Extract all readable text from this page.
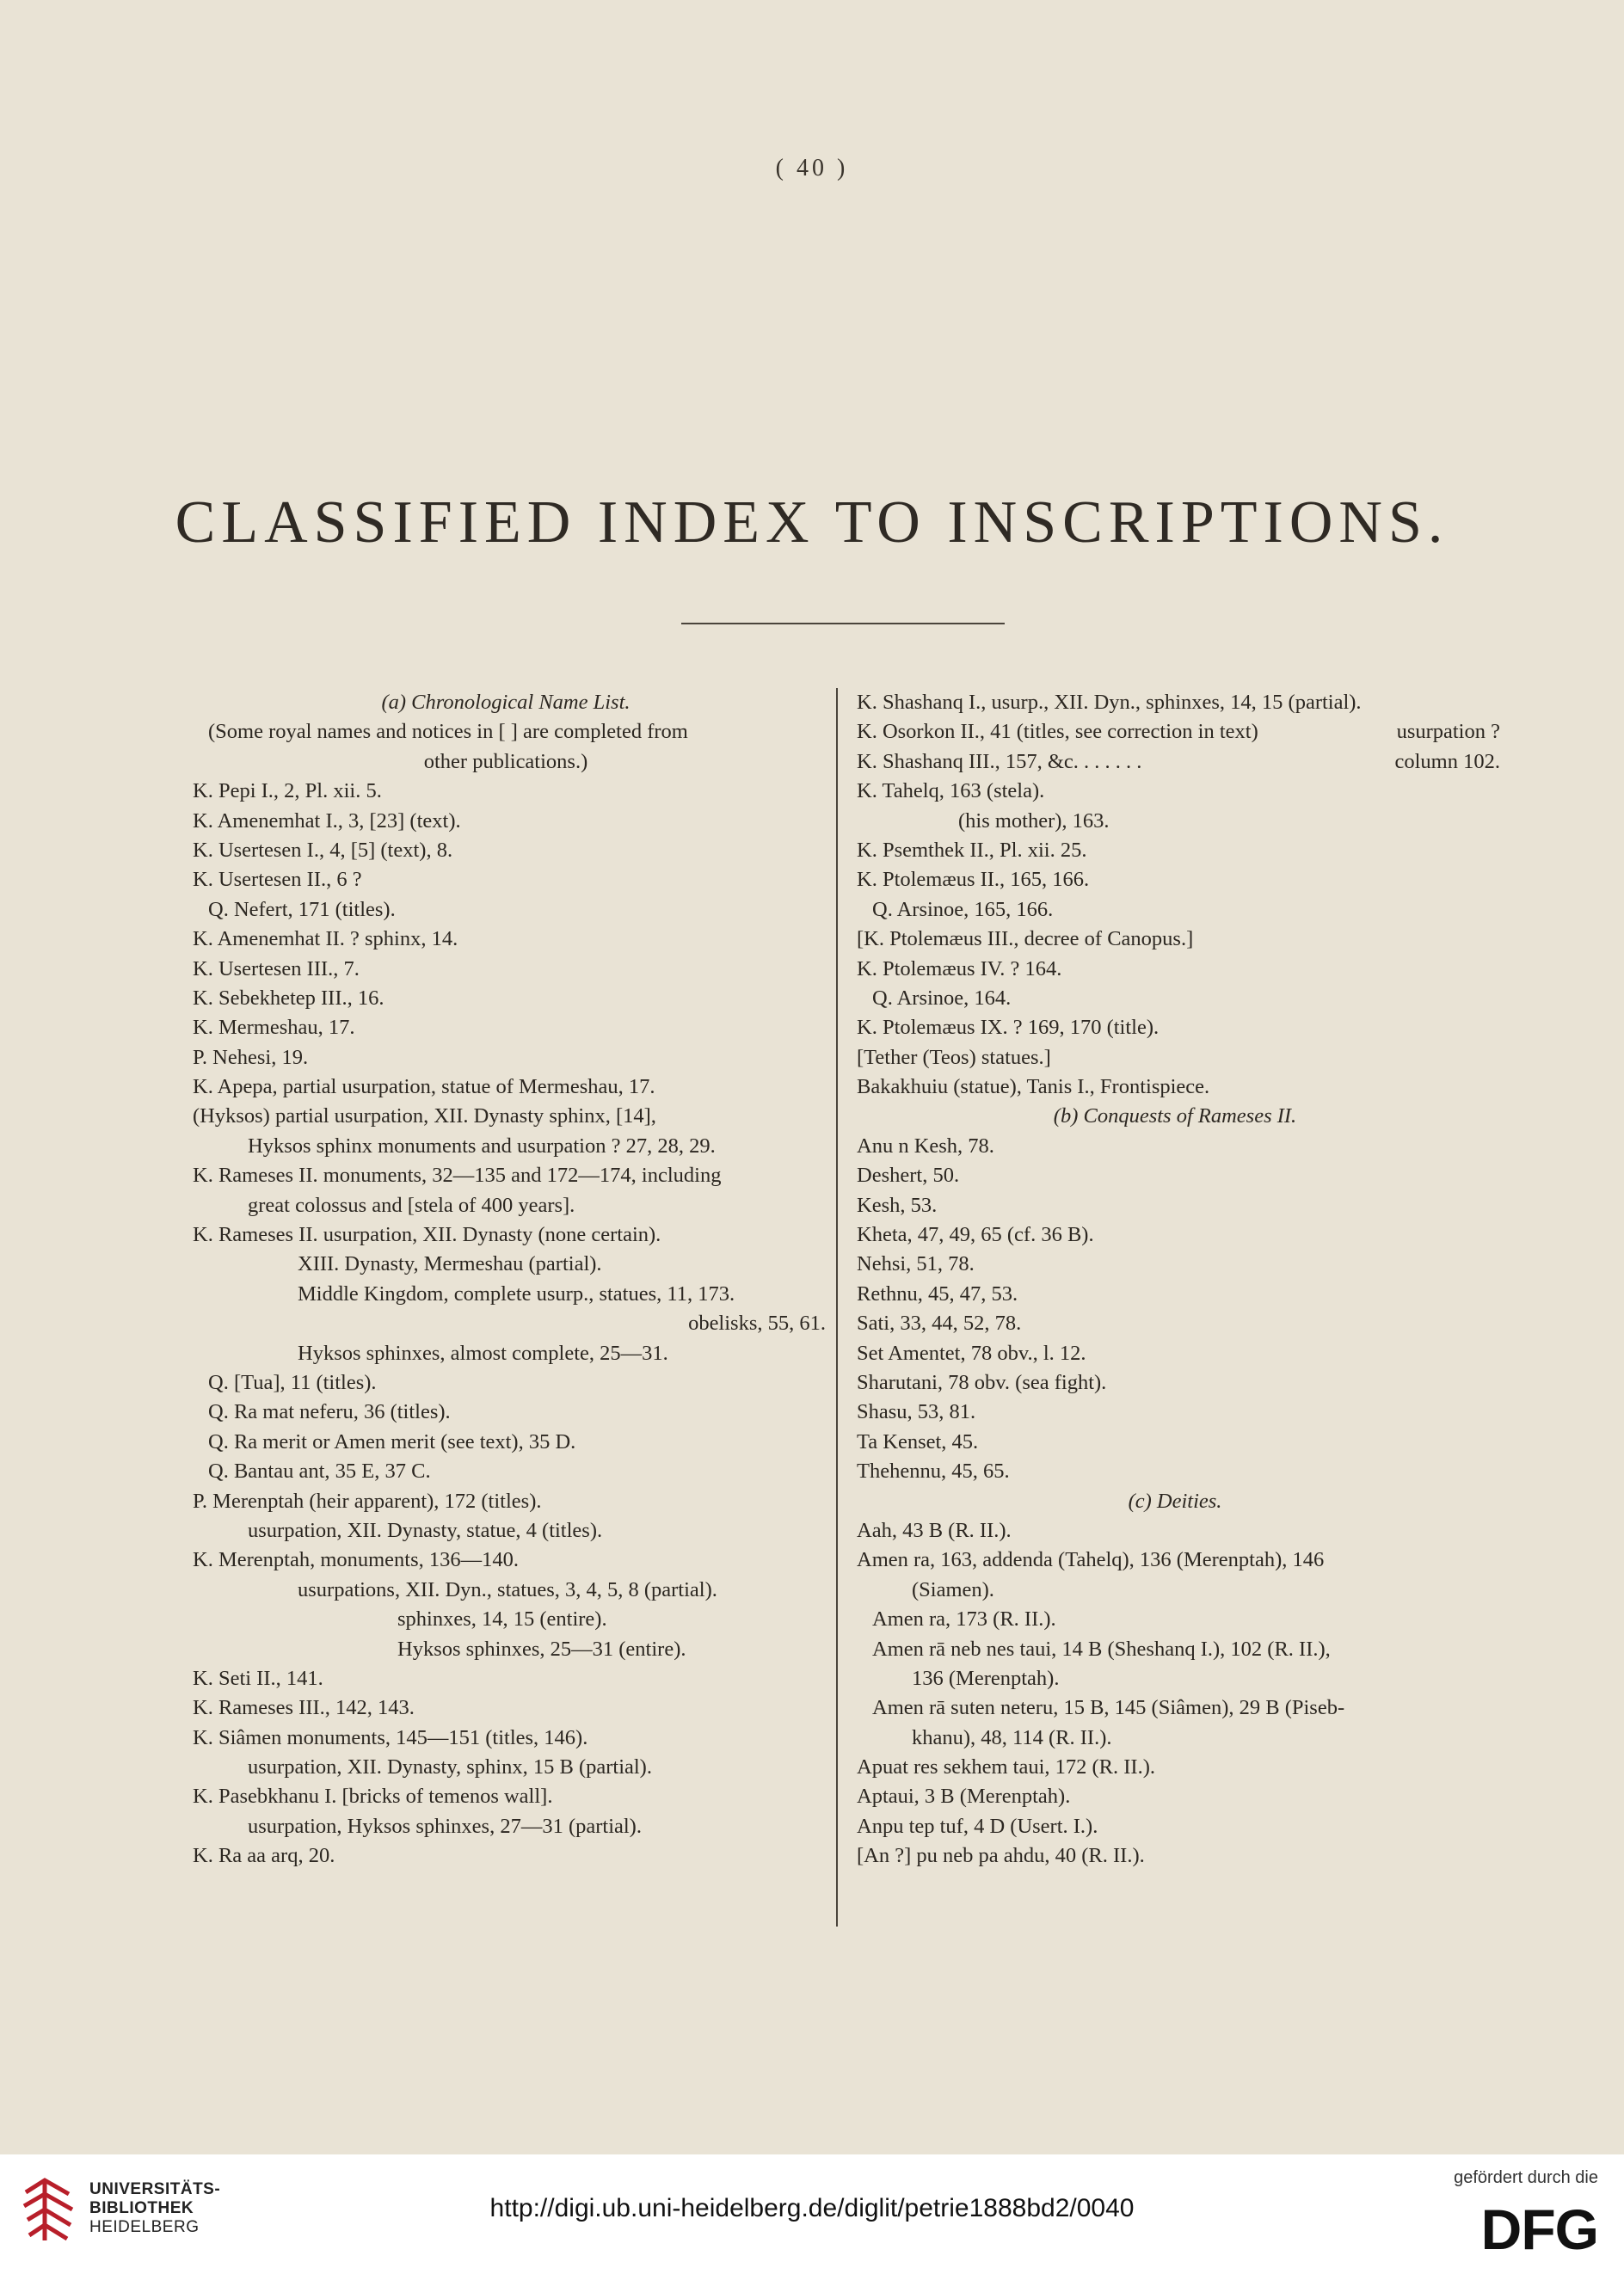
( 40 )
CLASSIFIED INDEX TO INSCRIPTIONS.
(a) Chronological Name List.
(Some royal names and notices in [ ] are completed from
other publications.)
K. Pepi I., 2, Pl. xii. 5.
K. Amenemhat I., 3, [23] (text).
K. Usertesen I., 4, [5] (text), 8.
K. Usertesen II., 6 ?
Q. Nefert, 171 (titles).
K. Amenemhat II. ? sphinx, 14.
K. Usertesen III., 7.
K. Sebekhetep III., 16.
K. Mermeshau, 17.
P. Nehesi, 19.
K. Apepa, partial usurpation, statue of Mermeshau, 17.
(Hyksos) partial usurpation, XII. Dynasty sphinx, [14],
Hyksos sphinx monuments and usurpation ? 27, 28, 29.
K. Rameses II. monuments, 32—135 and 172—174, including
great colossus and [stela of 400 years].
K. Rameses II. usurpation, XII. Dynasty (none certain).
XIII. Dynasty, Mermeshau (partial).
Middle Kingdom, complete usurp., statues, 11, 173.
obelisks, 55, 61.
Hyksos sphinxes, almost complete, 25—31.
Q. [Tua], 11 (titles).
Q. Ra mat neferu, 36 (titles).
Q. Ra merit or Amen merit (see text), 35 D.
Q. Bantau ant, 35 E, 37 C.
P. Merenptah (heir apparent), 172 (titles).
usurpation, XII. Dynasty, statue, 4 (titles).
K. Merenptah, monuments, 136—140.
usurpations, XII. Dyn., statues, 3, 4, 5, 8 (partial).
sphinxes, 14, 15 (entire).
Hyksos sphinxes, 25—31 (entire).
K. Seti II., 141.
K. Rameses III., 142, 143.
K. Siâmen monuments, 145—151 (titles, 146).
usurpation, XII. Dynasty, sphinx, 15 B (partial).
K. Pasebkhanu I. [bricks of temenos wall].
usurpation, Hyksos sphinxes, 27—31 (partial).
K. Ra aa arq, 20.
K. Shashanq I., usurp., XII. Dyn., sphinxes, 14, 15 (partial).
K. Osorkon II., 41 (titles, see correction in text)
K. Shashanq III., 157, &c. . . . . . .
K. Tahelq, 163 (stela).
(his mother), 163.
K. Psemthek II., Pl. xii. 25.
K. Ptolemæus II., 165, 166.
Q. Arsinoe, 165, 166.
[K. Ptolemæus III., decree of Canopus.]
K. Ptolemæus IV. ? 164.
Q. Arsinoe, 164.
K. Ptolemæus IX. ? 169, 170 (title).
[Tether (Teos) statues.]
Bakakhuiu (statue), Tanis I., Frontispiece.
(b) Conquests of Rameses II.
Anu n Kesh, 78.
Deshert, 50.
Kesh, 53.
Kheta, 47, 49, 65 (cf. 36 B).
Nehsi, 51, 78.
Rethnu, 45, 47, 53.
Sati, 33, 44, 52, 78.
Set Amentet, 78 obv., l. 12.
Sharutani, 78 obv. (sea fight).
Shasu, 53, 81.
Ta Kenset, 45.
Thehennu, 45, 65.
(c) Deities.
Aah, 43 B (R. II.).
Amen ra, 163, addenda (Tahelq), 136 (Merenptah), 146
(Siamen).
Amen ra, 173 (R. II.).
Amen rā neb nes taui, 14 B (Sheshanq I.), 102 (R. II.),
136 (Merenptah).
Amen rā suten neteru, 15 B, 145 (Siâmen), 29 B (Piseb-
khanu), 48, 114 (R. II.).
Apuat res sekhem taui, 172 (R. II.).
Aptaui, 3 B (Merenptah).
Anpu tep tuf, 4 D (Usert. I.).
[An ?] pu neb pa ahdu, 40 (R. II.).
usurpation ?
column 102.
UNIVERSITÄTS-
BIBLIOTHEK
HEIDELBERG
http://digi.ub.uni-heidelberg.de/diglit/petrie1888bd2/0040
gefördert durch die
DFG
